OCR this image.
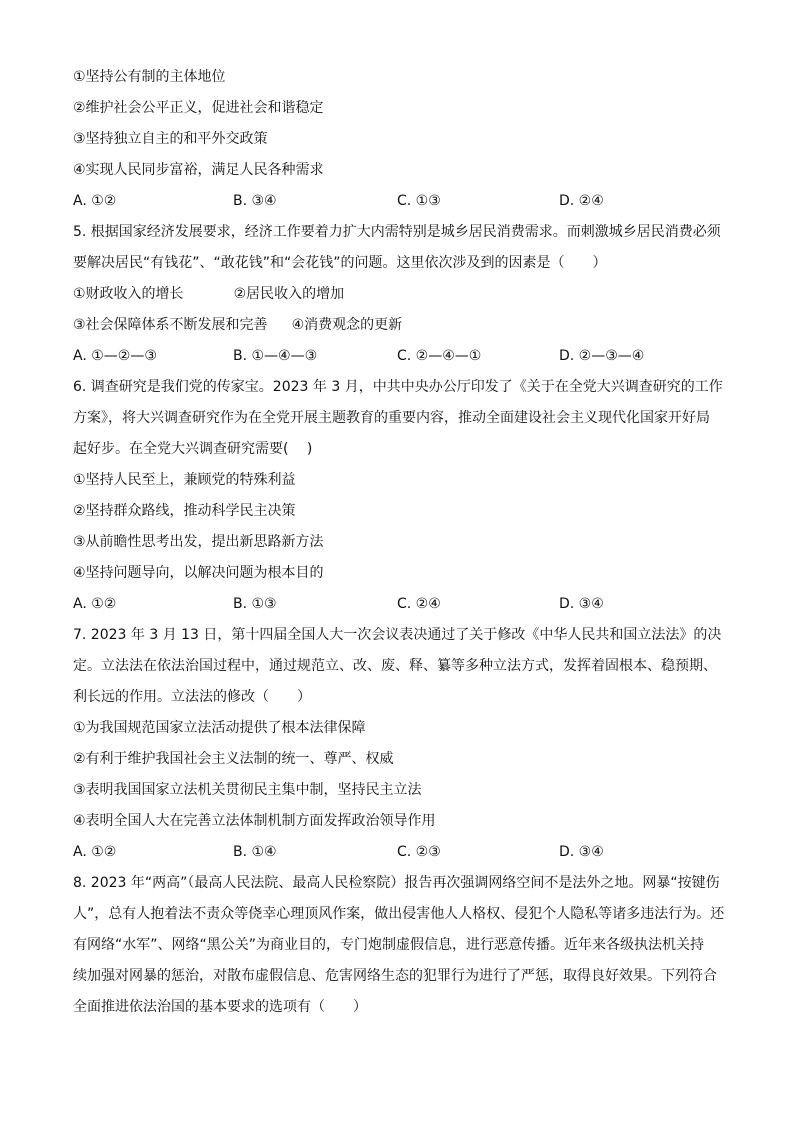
①坚持公有制的主体地位

②维护社会公平正义，促进社会和谐稳定

③坚持独立自主的和平外交政策

④实现人民同步富裕，满足人民各种需求

A. ①②	B. ③④	C. ①③	D. ②④

5. 根据国家经济发展要求，经济工作要着力扩大内需特别是城乡居民消费需求。而刺激城乡居民消费必须

要解决居民“有钱花”、“敢花钱”和“会花钱”的问题。这里依次涉及到的因素是（　　）

①财政收入的增长	②居民收入的增加

③社会保障体系不断发展和完善 ④消费观念的更新

A. ①—②—③	B. ①—④—③	C. ②—④—①	D. ②—③—④

6. 调查研究是我们党的传家宝。2023 年 3 月，中共中央办公厅印发了《关于在全党大兴调查研究的工作

方案》，将大兴调查研究作为在全党开展主题教育的重要内容，推动全面建设社会主义现代化国家开好局

起好步。在全党大兴调查研究需要(　 )

①坚持人民至上，兼顾党的特殊利益

②坚持群众路线，推动科学民主决策

③从前瞻性思考出发，提出新思路新方法

④坚持问题导向，以解决问题为根本目的

A. ①②	B. ①③	C. ②④	D. ③④

7. 2023 年 3 月 13 日，第十四届全国人大一次会议表决通过了关于修改《中华人民共和国立法法》的决

定。立法法在依法治国过程中，通过规范立、改、废、释、纂等多种立法方式，发挥着固根本、稳预期、

利长远的作用。立法法的修改（　　）

①为我国规范国家立法活动提供了根本法律保障

②有利于维护我国社会主义法制的统一、尊严、权威

③表明我国国家立法机关贯彻民主集中制，坚持民主立法

④表明全国人大在完善立法体制机制方面发挥政治领导作用

A. ①②	B. ①④	C. ②③	D. ③④

8. 2023 年“两高”（最高人民法院、最高人民检察院）报告再次强调网络空间不是法外之地。网暴“按键伤

人”，总有人抱着法不责众等侥幸心理顶风作案，做出侵害他人人格权、侵犯个人隐私等诸多违法行为。还

有网络“水军”、网络“黑公关”为商业目的，专门炮制虚假信息，进行恶意传播。近年来各级执法机关持

续加强对网暴的惩治，对散布虚假信息、危害网络生态的犯罪行为进行了严惩，取得良好效果。下列符合

全面推进依法治国的基本要求的选项有（　　）
